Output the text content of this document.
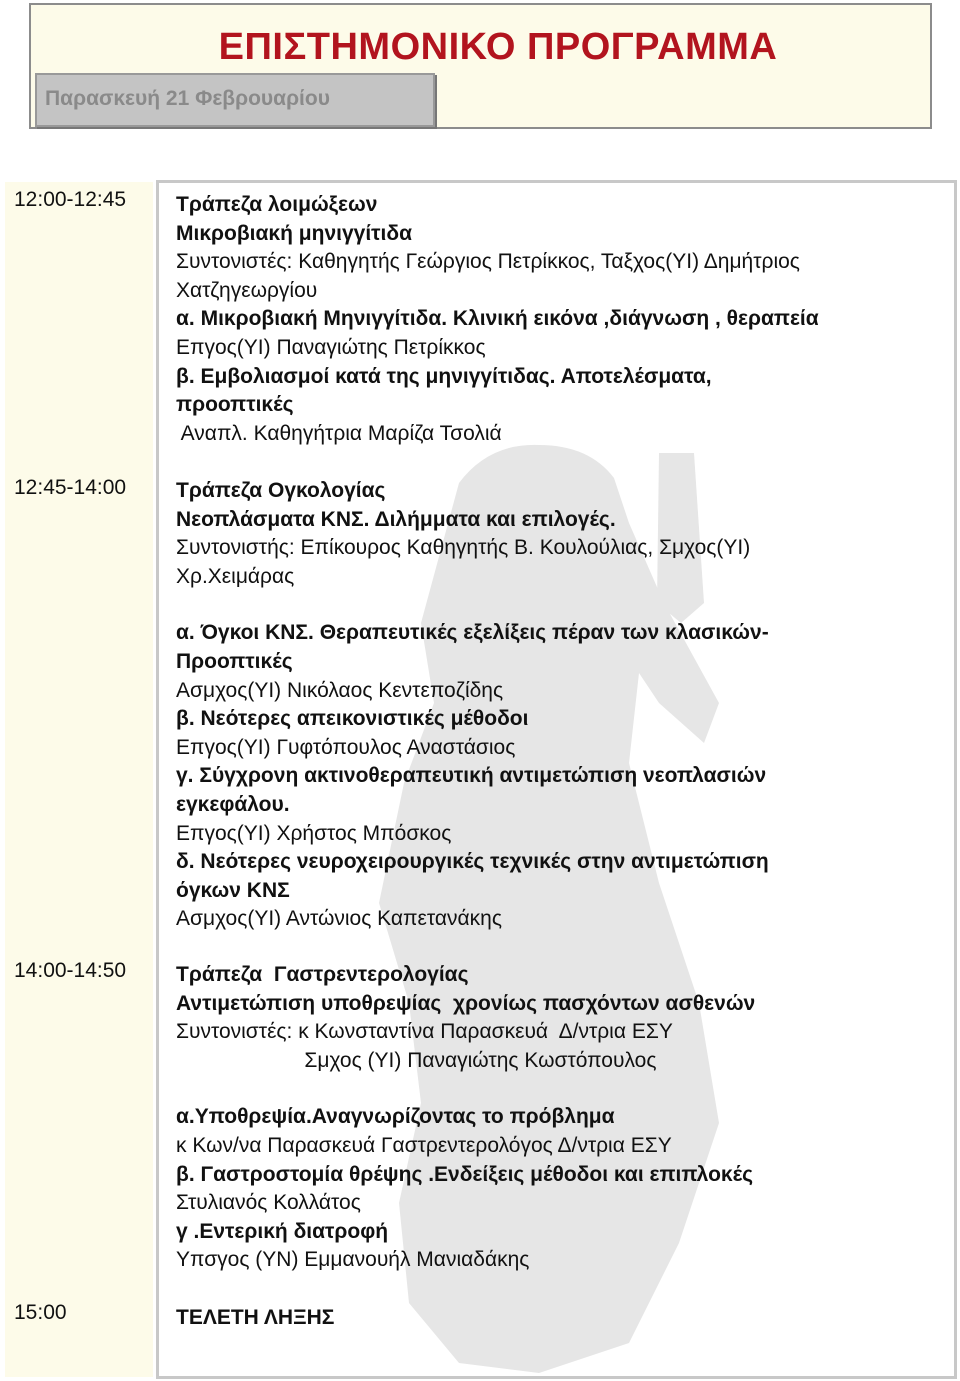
ΕΠΙΣΤΗΜΟΝΙΚΟ ΠΡΟΓΡΑΜΜΑ
Παρασκευή 21 Φεβρουαρίου
12:00-12:45
12:45-14:00
14:00-14:50
15:00
Τράπεζα λοιμώξεων
Μικροβιακή μηνιγγίτιδα
Συντονιστές: Καθηγητής Γεώργιος Πετρίκκος, Ταξχος(ΥΙ) Δημήτριος
Χατζηγεωργίου
α. Μικροβιακή Μηνιγγίτιδα. Κλινική εικόνα ,διάγνωση , θεραπεία
Επγος(ΥΙ) Παναγιώτης Πετρίκκος
β. Εμβολιασμοί κατά της μηνιγγίτιδας. Αποτελέσματα,
προοπτικές
Αναπλ. Καθηγήτρια Μαρίζα Τσολιά
Τράπεζα Ογκολογίας
Νεοπλάσματα ΚΝΣ. Διλήμματα και επιλογές.
Συντονιστής: Επίκουρος Καθηγητής Β. Κουλούλιας, Σμχος(ΥΙ)
Χρ.Χειμάρας
α. Όγκοι ΚΝΣ. Θεραπευτικές εξελίξεις πέραν των κλασικών-
Προοπτικές
Ασμχος(ΥΙ) Νικόλαος Κεντεποζίδης
β. Νεότερες απεικονιστικές μέθοδοι
Επγος(ΥΙ) Γυφτόπουλος Αναστάσιος
γ. Σύγχρονη ακτινοθεραπευτική αντιμετώπιση νεοπλασιών
εγκεφάλου.
Επγος(ΥΙ) Χρήστος Μπόσκος
δ. Νεότερες νευροχειρουργικές τεχνικές στην αντιμετώπιση
όγκων ΚΝΣ
Ασμχος(ΥΙ) Αντώνιος Καπετανάκης
Τράπεζα  Γαστρεντερολογίας
Αντιμετώπιση υποθρεψίας  χρονίως πασχόντων ασθενών
Συντονιστές: κ Κωνσταντίνα Παρασκευά  Δ/ντρια ΕΣΥ
Σμχος (ΥΙ) Παναγιώτης Κωστόπουλος
α.Υποθρεψία.Αναγνωρίζοντας το πρόβλημα
κ Κων/να Παρασκευά Γαστρεντερολόγος Δ/ντρια ΕΣΥ
β. Γαστροστομία θρέψης .Ενδείξεις μέθοδοι και επιπλοκές
Στυλιανός Κολλάτος
γ .Εντερική διατροφή
Υπσγος (ΥΝ) Εμμανουήλ Μανιαδάκης
ΤΕΛΕΤΗ ΛΗΞΗΣ
